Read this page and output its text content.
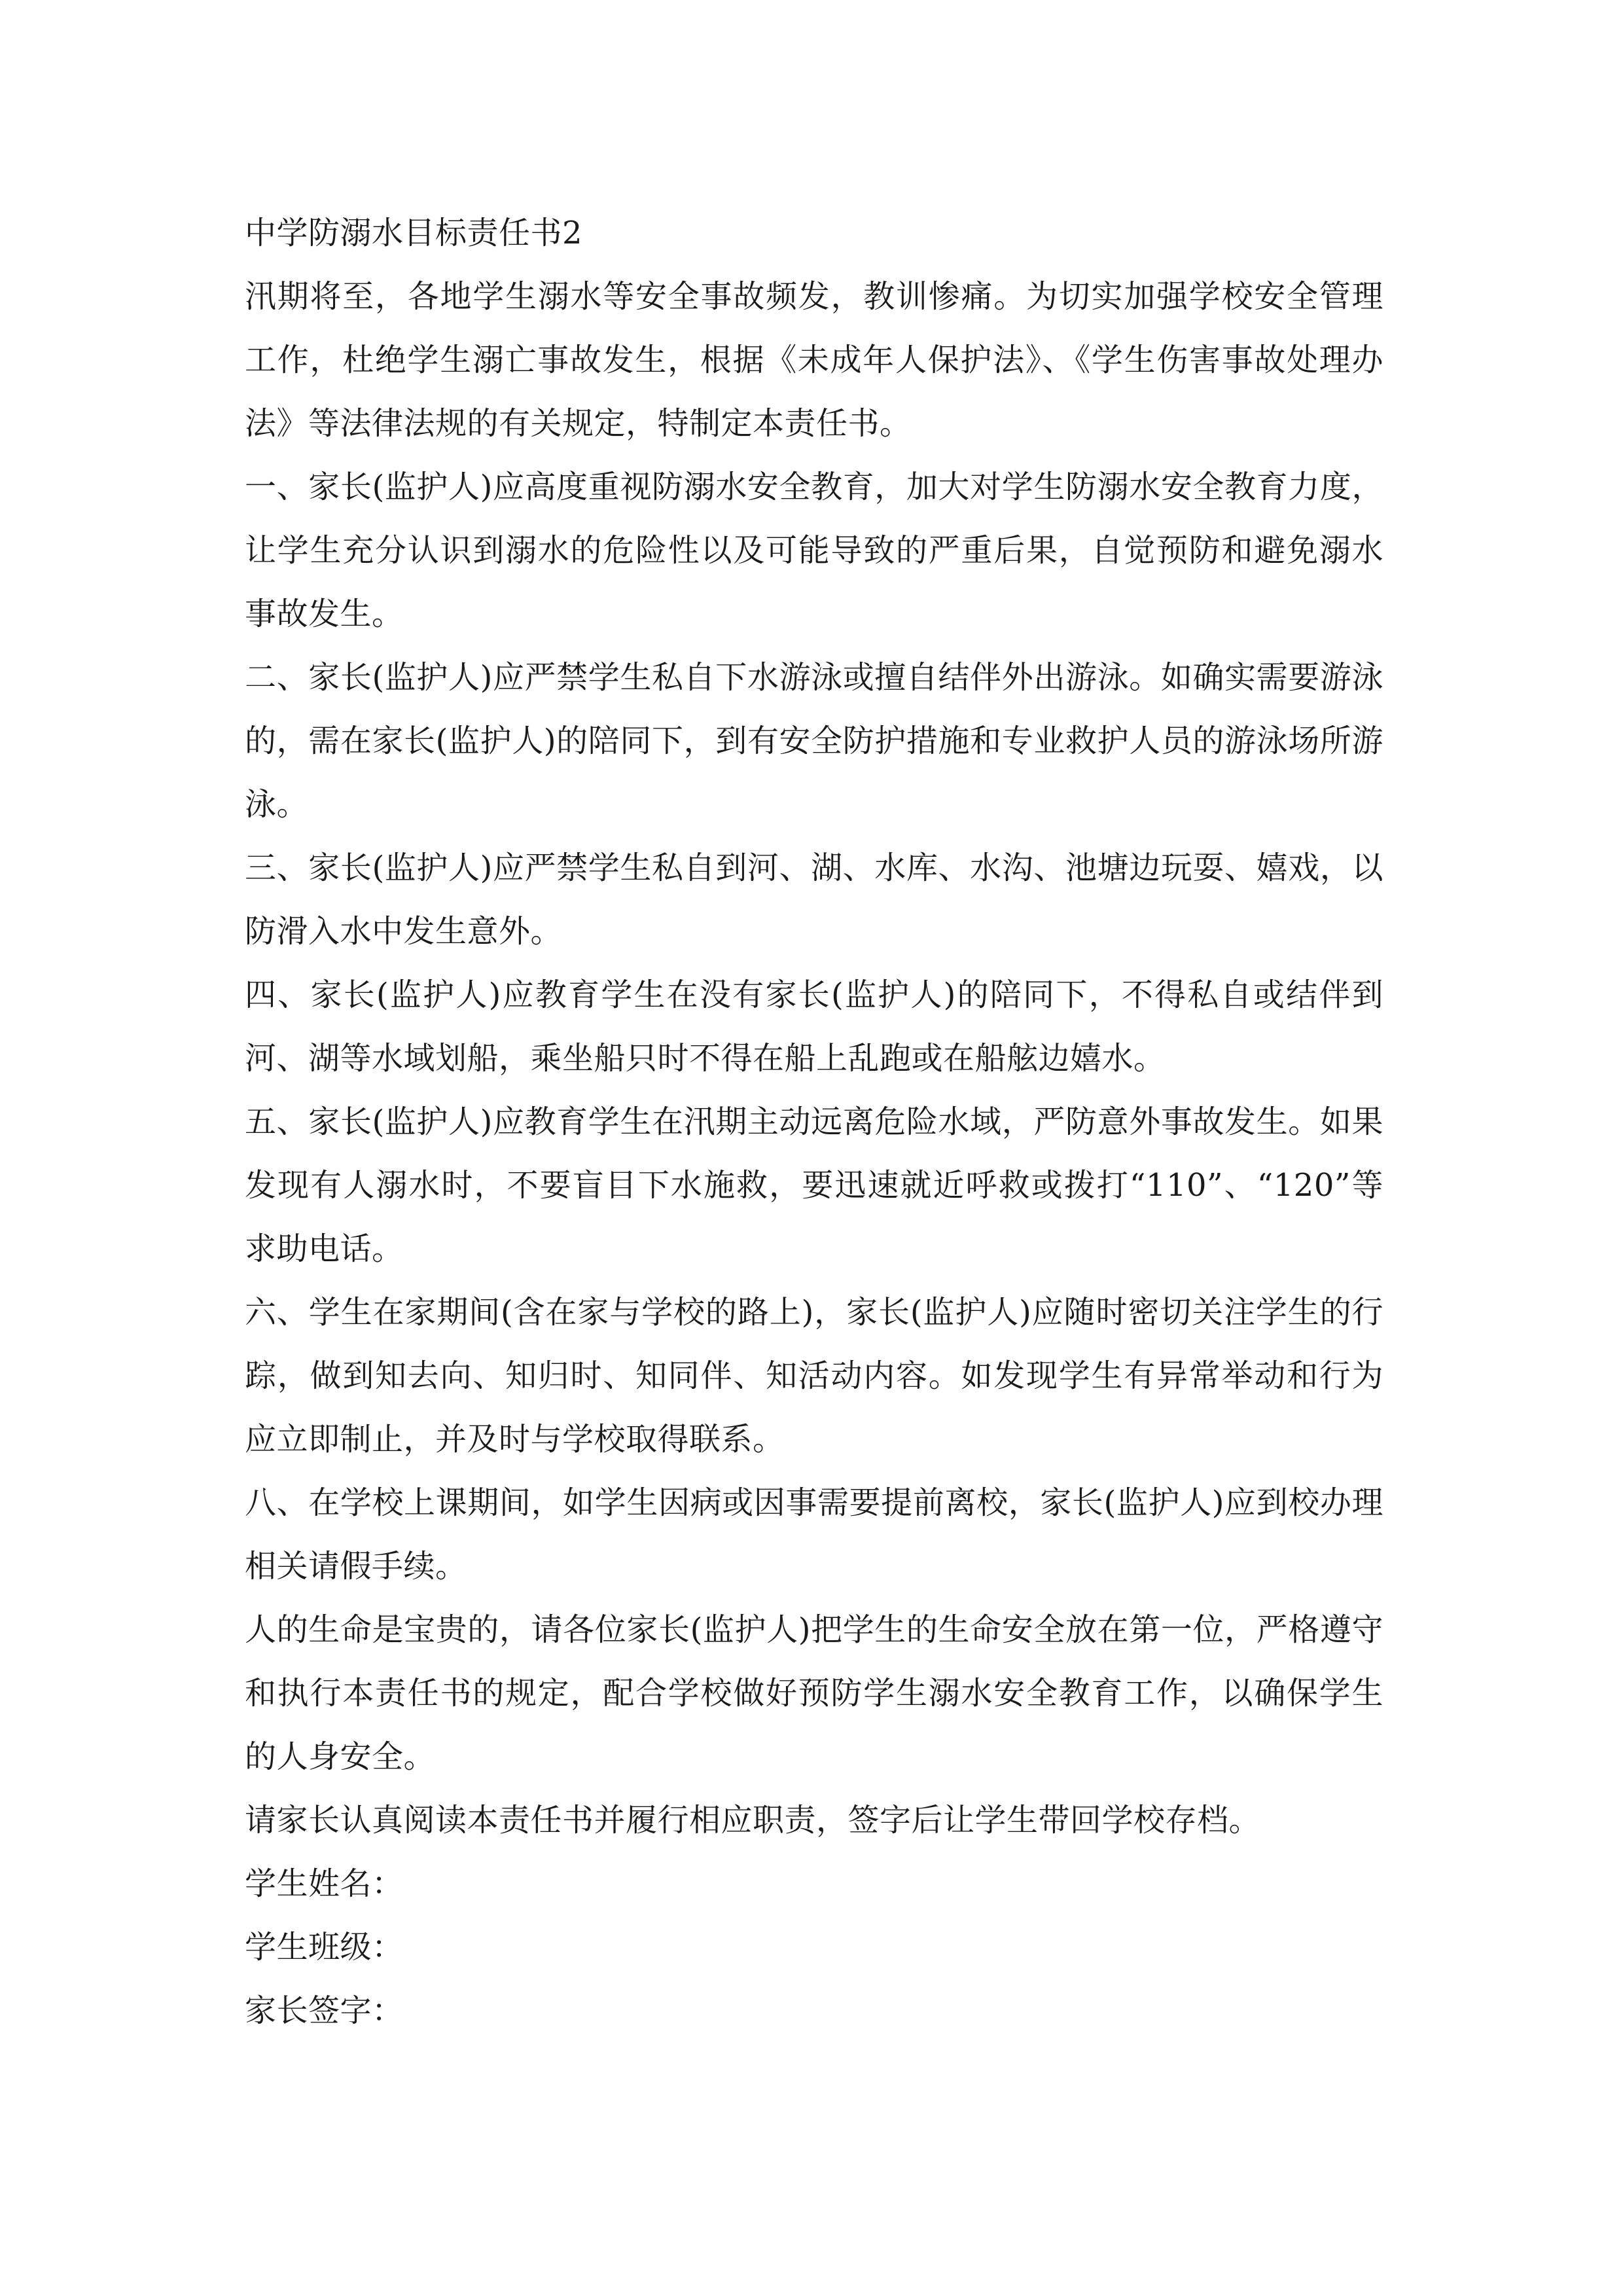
中学防溺水目标责任书2

汛期将至，各地学生溺水等安全事故频发，教训惨痛。为切实加强学校安全管理工作，杜绝学生溺亡事故发生，根据《未成年人保护法》、《学生伤害事故处理办法》等法律法规的有关规定，特制定本责任书。

一、家长(监护人)应高度重视防溺水安全教育，加大对学生防溺水安全教育力度，让学生充分认识到溺水的危险性以及可能导致的严重后果，自觉预防和避免溺水事故发生。

二、家长(监护人)应严禁学生私自下水游泳或擅自结伴外出游泳。如确实需要游泳的，需在家长(监护人)的陪同下，到有安全防护措施和专业救护人员的游泳场所游泳。

三、家长(监护人)应严禁学生私自到河、湖、水库、水沟、池塘边玩耍、嬉戏，以防滑入水中发生意外。

四、家长(监护人)应教育学生在没有家长(监护人)的陪同下，不得私自或结伴到河、湖等水域划船，乘坐船只时不得在船上乱跑或在船舷边嬉水。

五、家长(监护人)应教育学生在汛期主动远离危险水域，严防意外事故发生。如果发现有人溺水时，不要盲目下水施救，要迅速就近呼救或拨打“110”、“120”等求助电话。

六、学生在家期间(含在家与学校的路上)，家长(监护人)应随时密切关注学生的行踪，做到知去向、知归时、知同伴、知活动内容。如发现学生有异常举动和行为应立即制止，并及时与学校取得联系。

八、在学校上课期间，如学生因病或因事需要提前离校，家长(监护人)应到校办理相关请假手续。

人的生命是宝贵的，请各位家长(监护人)把学生的生命安全放在第一位，严格遵守和执行本责任书的规定，配合学校做好预防学生溺水安全教育工作，以确保学生的人身安全。

请家长认真阅读本责任书并履行相应职责，签字后让学生带回学校存档。

学生姓名：
学生班级：
家长签字：
